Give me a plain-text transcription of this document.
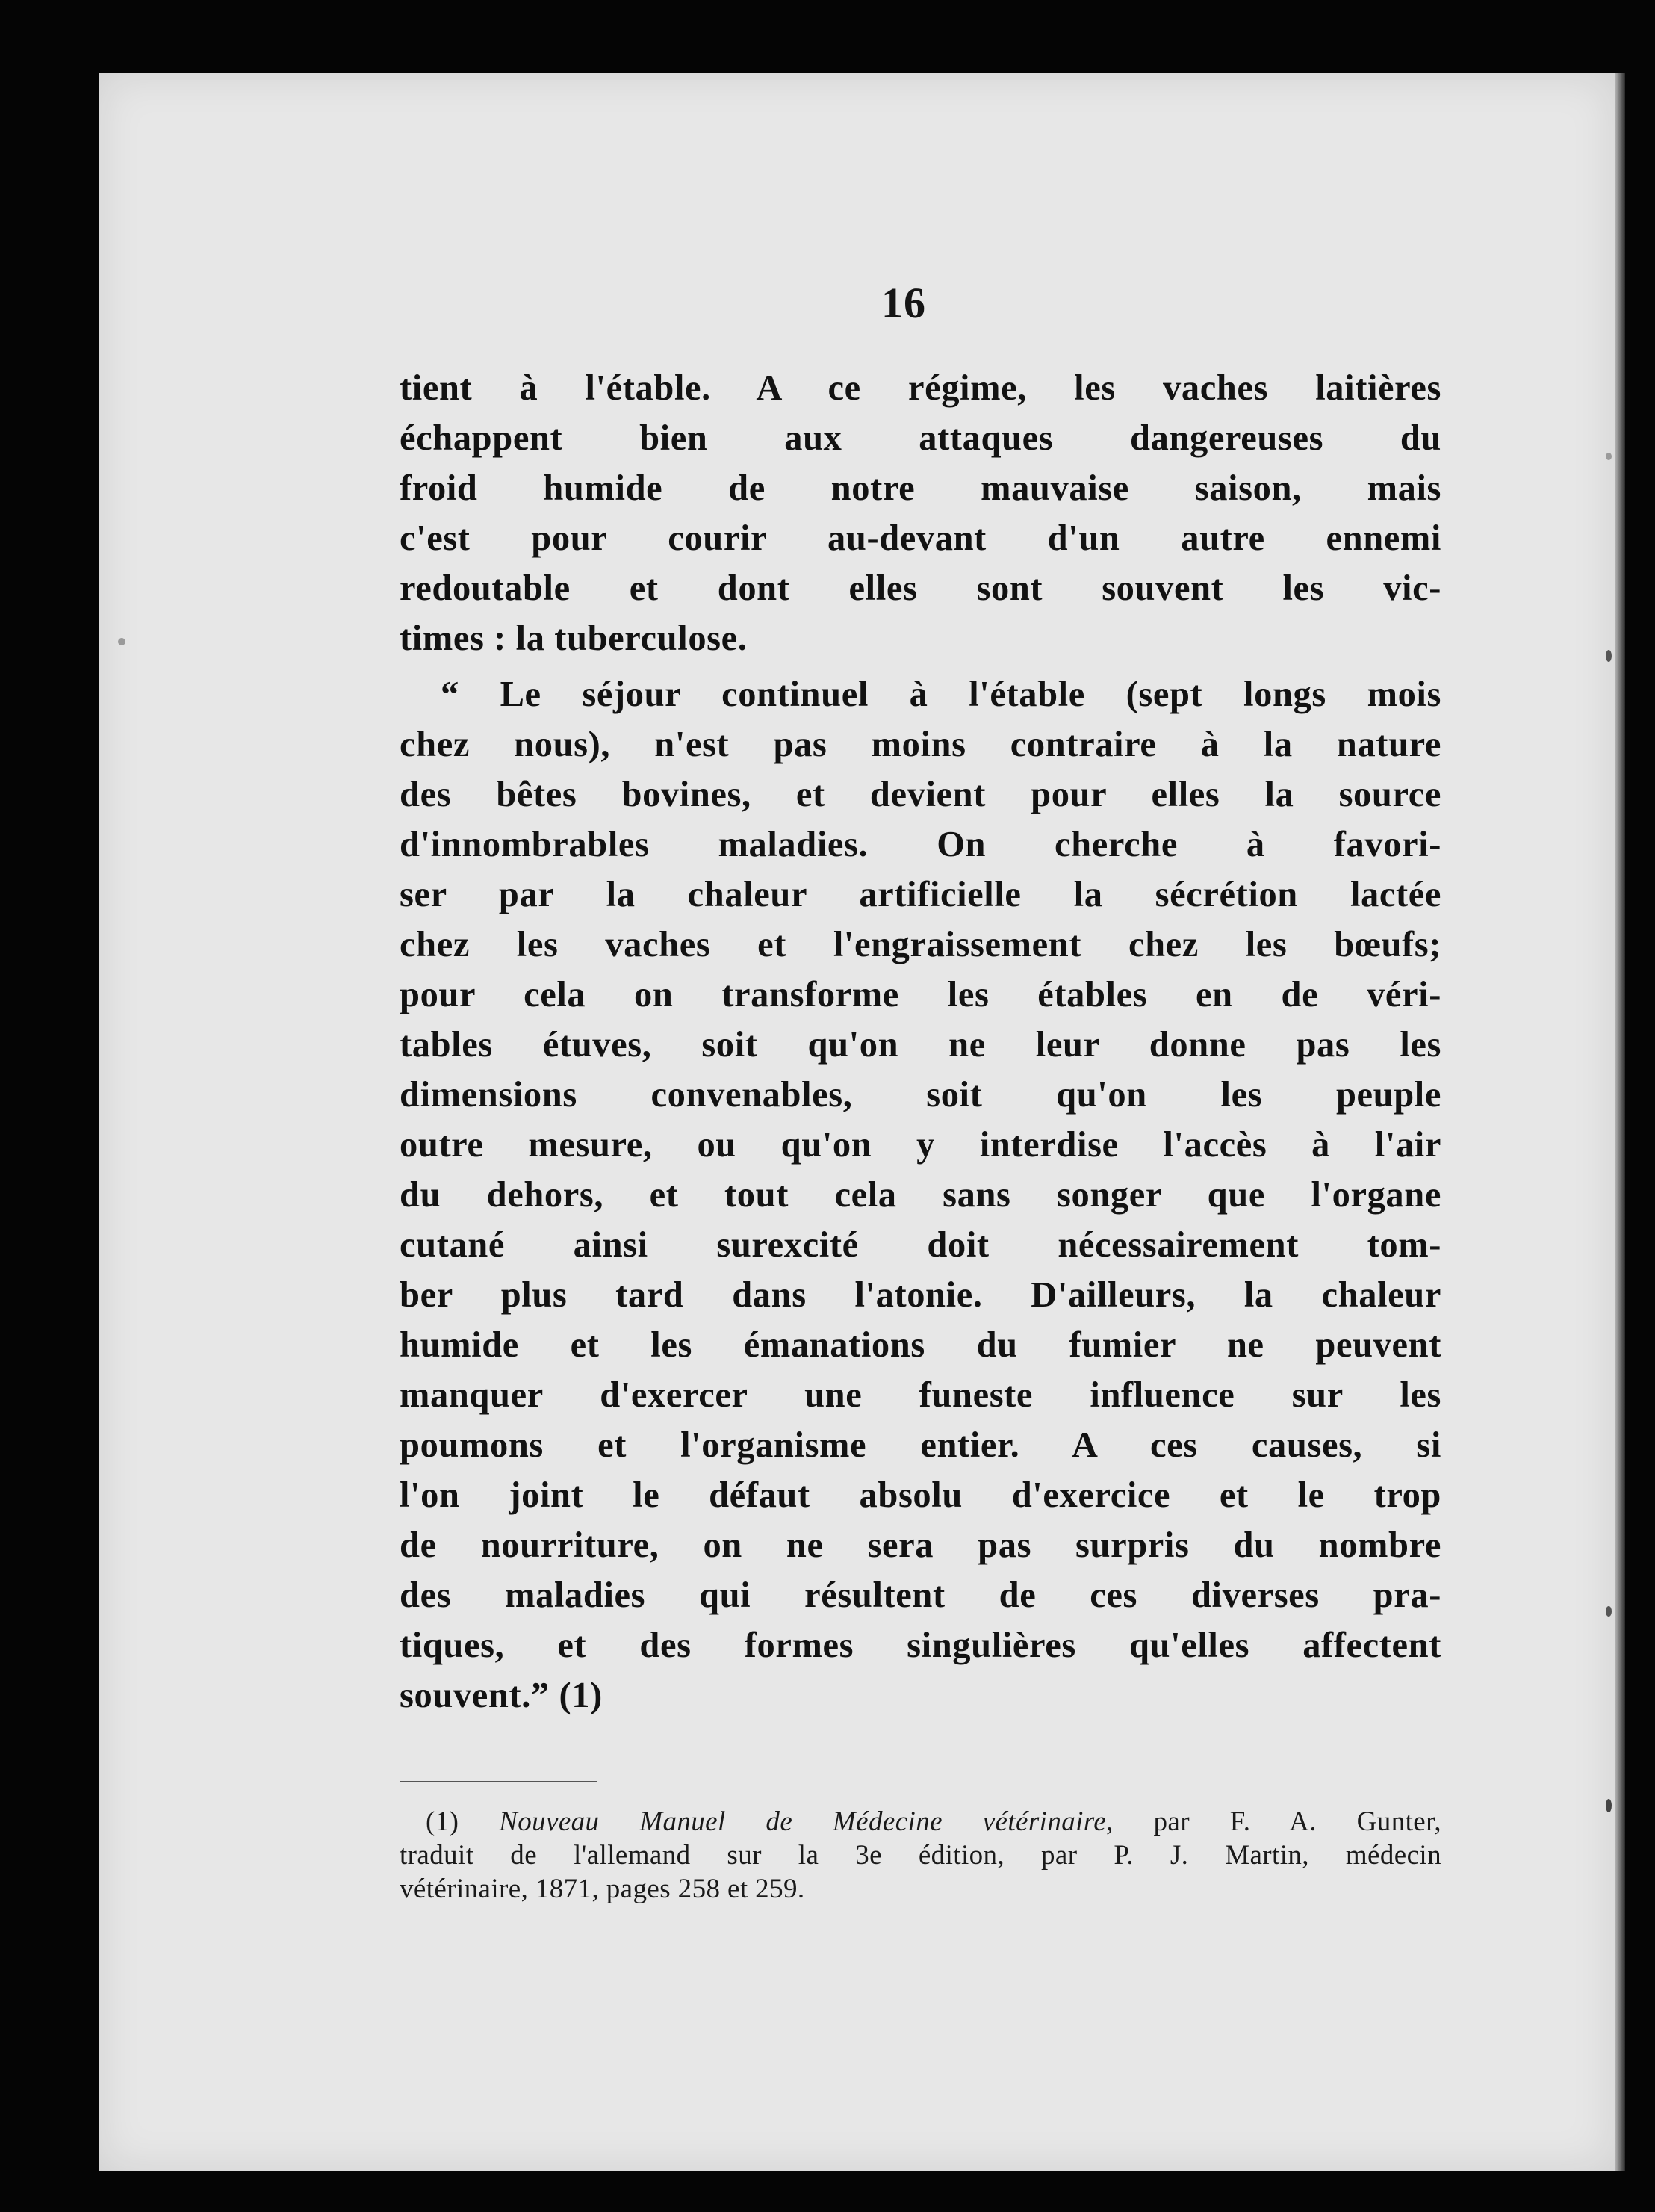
16
tient à l'étable. A ce régime, les vaches laitières
échappent bien aux attaques dangereuses du
froid humide de notre mauvaise saison, mais
c'est pour courir au-devant d'un autre ennemi
redoutable et dont elles sont souvent les vic-
times : la tuberculose.
“ Le séjour continuel à l'étable (sept longs mois
chez nous), n'est pas moins contraire à la nature
des bêtes bovines, et devient pour elles la source
d'innombrables maladies. On cherche à favori-
ser par la chaleur artificielle la sécrétion lactée
chez les vaches et l'engraissement chez les bœufs;
pour cela on transforme les étables en de véri-
tables étuves, soit qu'on ne leur donne pas les
dimensions convenables, soit qu'on les peuple
outre mesure, ou qu'on y interdise l'accès à l'air
du dehors, et tout cela sans songer que l'organe
cutané ainsi surexcité doit nécessairement tom-
ber plus tard dans l'atonie. D'ailleurs, la chaleur
humide et les émanations du fumier ne peuvent
manquer d'exercer une funeste influence sur les
poumons et l'organisme entier. A ces causes, si
l'on joint le défaut absolu d'exercice et le trop
de nourriture, on ne sera pas surpris du nombre
des maladies qui résultent de ces diverses pra-
tiques, et des formes singulières qu'elles affectent
souvent.” (1)
(1) Nouveau Manuel de Médecine vétérinaire, par F. A. Gunter,
traduit de l'allemand sur la 3e édition, par P. J. Martin, médecin
vétérinaire, 1871, pages 258 et 259.
